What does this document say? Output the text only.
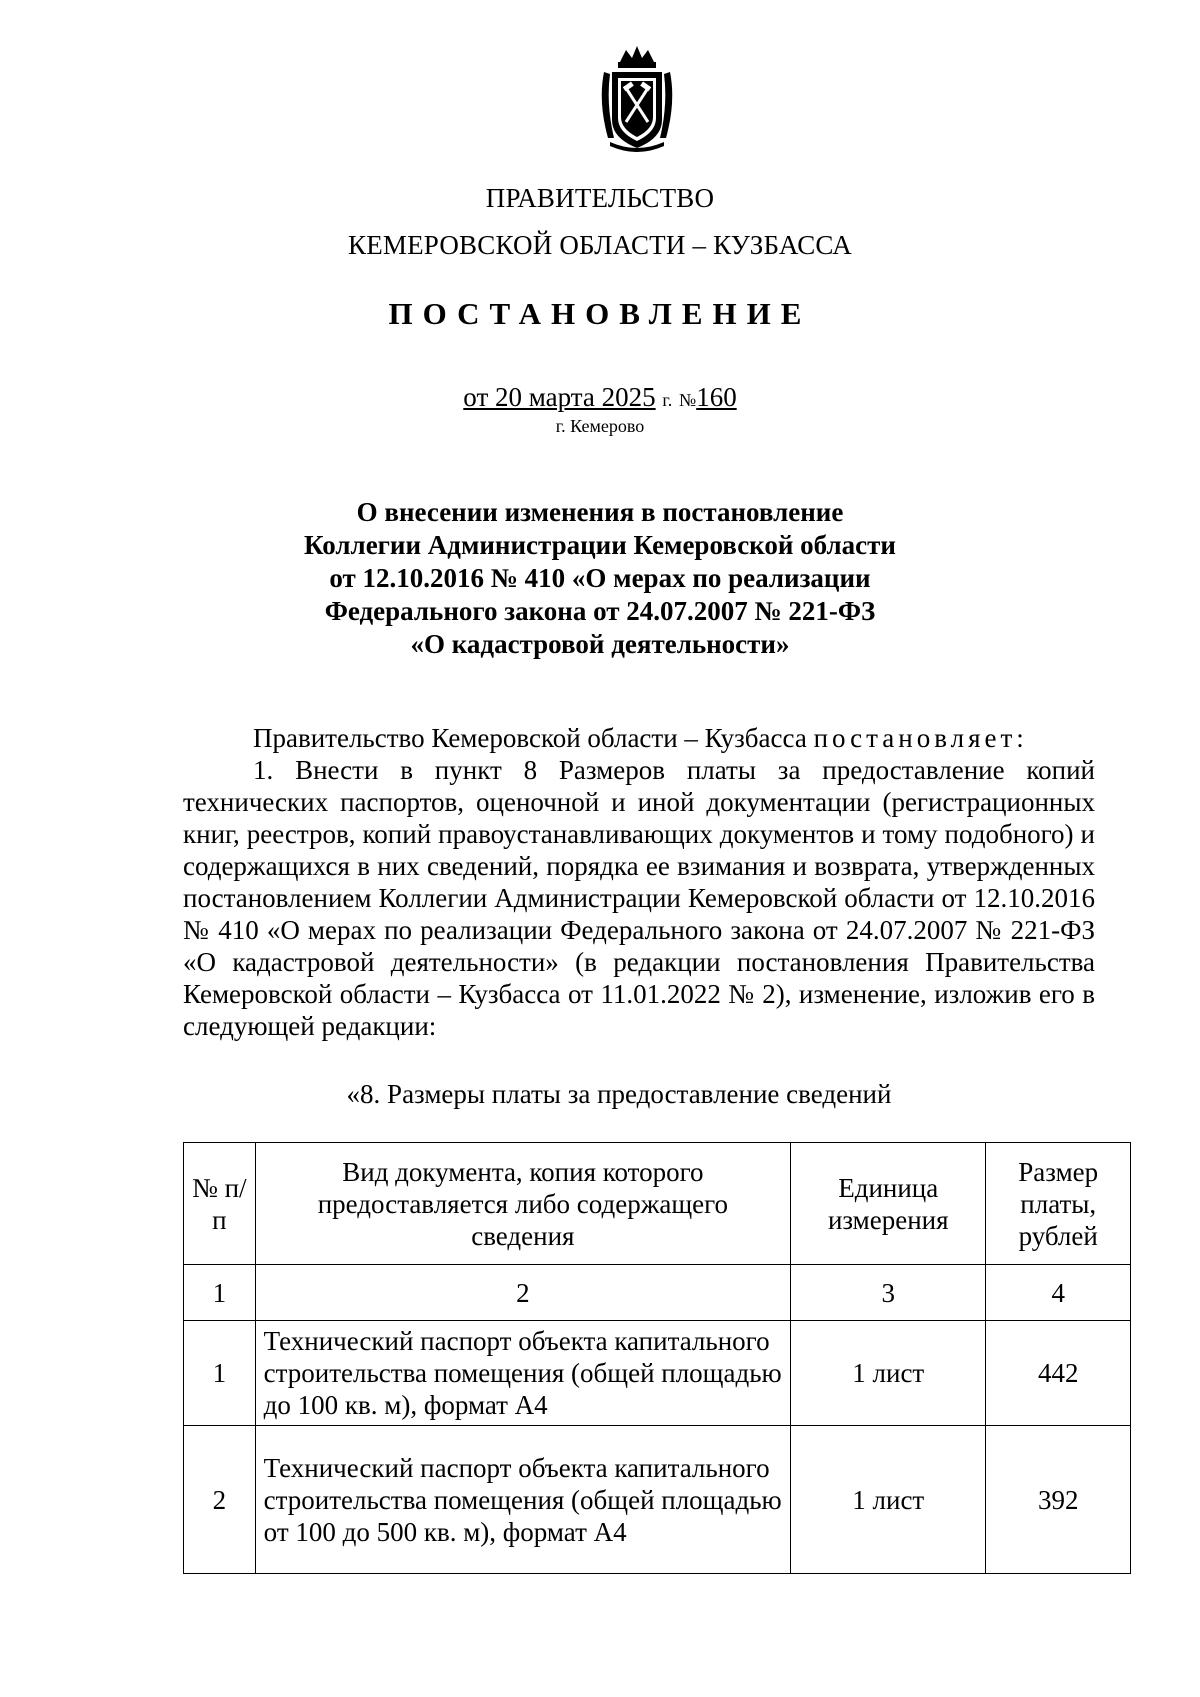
ПРАВИТЕЛЬСТВО
КЕМЕРОВСКОЙ ОБЛАСТИ – КУЗБАССА
ПОСТАНОВЛЕНИЕ
от 20 марта 2025 г. №160
г. Кемерово
О внесении изменения в постановление
Коллегии Администрации Кемеровской области
от 12.10.2016 № 410 «О мерах по реализации
Федерального закона от 24.07.2007 № 221-ФЗ
«О кадастровой деятельности»
Правительство Кемеровской области – Кузбасса постановляет:
1. Внести в пункт 8 Размеров платы за предоставление копий технических паспортов, оценочной и иной документации (регистрационных книг, реестров, копий правоустанавливающих документов и тому подобного) и содержащихся в них сведений, порядка ее взимания и возврата, утвержденных постановлением Коллегии Администрации Кемеровской области от 12.10.2016 № 410 «О мерах по реализации Федерального закона от 24.07.2007 № 221-ФЗ «О кадастровой деятельности» (в редакции постановления Правительства Кемеровской области – Кузбасса от 11.01.2022 № 2), изменение, изложив его в следующей редакции:
«8. Размеры платы за предоставление сведений
№ п/п	Вид документа, копия которого предоставляется либо содержащего сведения	Единица измерения	Размер платы, рублей
1	2	3	4
1	Технический паспорт объекта капитального строительства помещения (общей площадью до 100 кв. м), формат А4	1 лист	442
2	Технический паспорт объекта капитального строительства помещения (общей площадью от 100 до 500 кв. м), формат А4	1 лист	392
